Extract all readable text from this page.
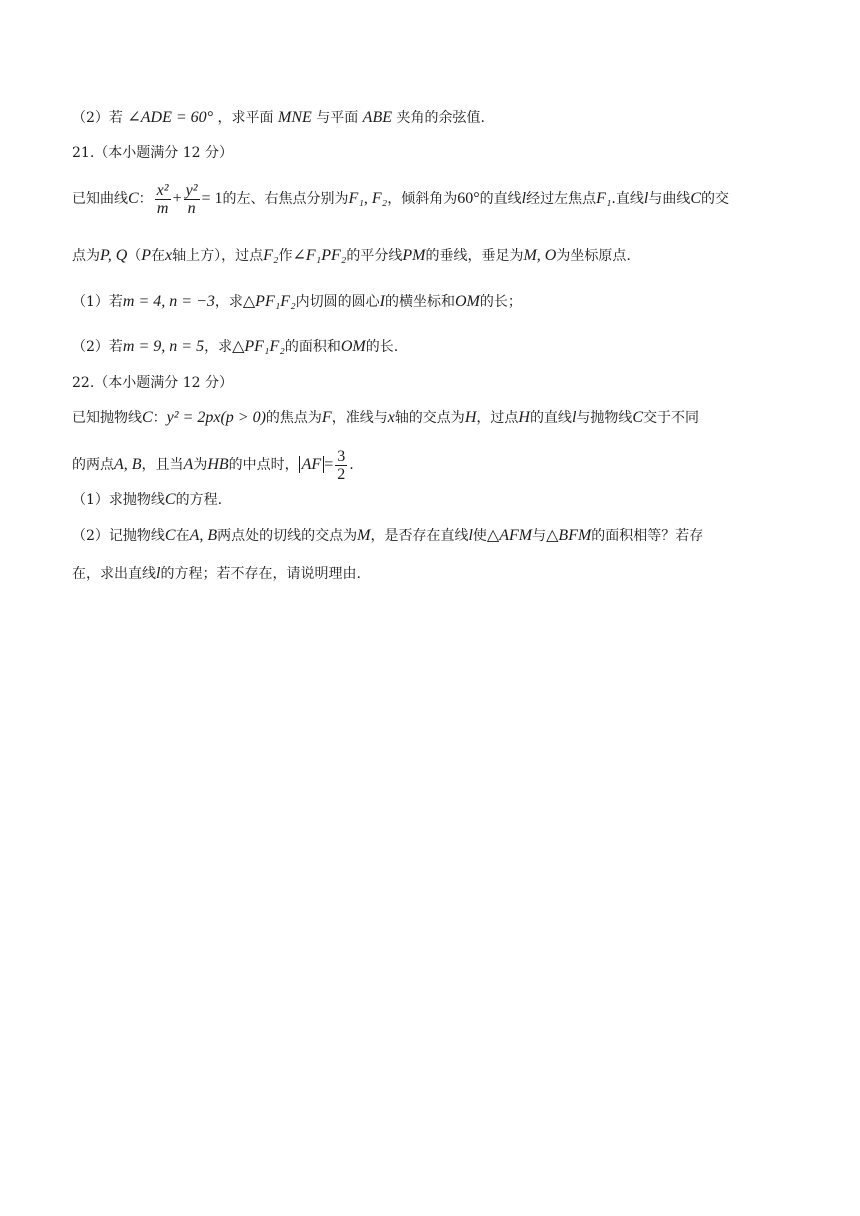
（2）若 ∠ADE = 60° ，求平面 MNE 与平面 ABE 夹角的余弦值.
21.（本小题满分 12 分）
已知曲线C： $\frac{\text{x²}}{m} + \frac{\text{y²}}{n} = 1$的左、右焦点分别为F₁, F₂，倾斜角为60°的直线l经过左焦点F₁.直线l与曲线C的交
点为P, Q（P在x轴上方），过点F₂作∠F₁PF₂的平分线PM的垂线，垂足为M, O为坐标原点.
（1）若m = 4, n = −3，求△PF₁F₂内切圆的圆心I的横坐标和OM的长；
（2）若m = 9, n = 5，求△PF₁F₂的面积和OM的长.
22.（本小题满分 12 分）
已知抛物线C：y² = 2px(p > 0)的焦点为F，准线与x轴的交点为H，过点H的直线l与抛物线C交于不同
的两点A, B，且当A为HB的中点时， AF = $\frac{3}{2}$ .
（1）求抛物线C的方程.
（2）记抛物线C在A, B两点处的切线的交点为M，是否存在直线l使△AFM与△BFM的面积相等？若存
在，求出直线l的方程；若不存在，请说明理由.
